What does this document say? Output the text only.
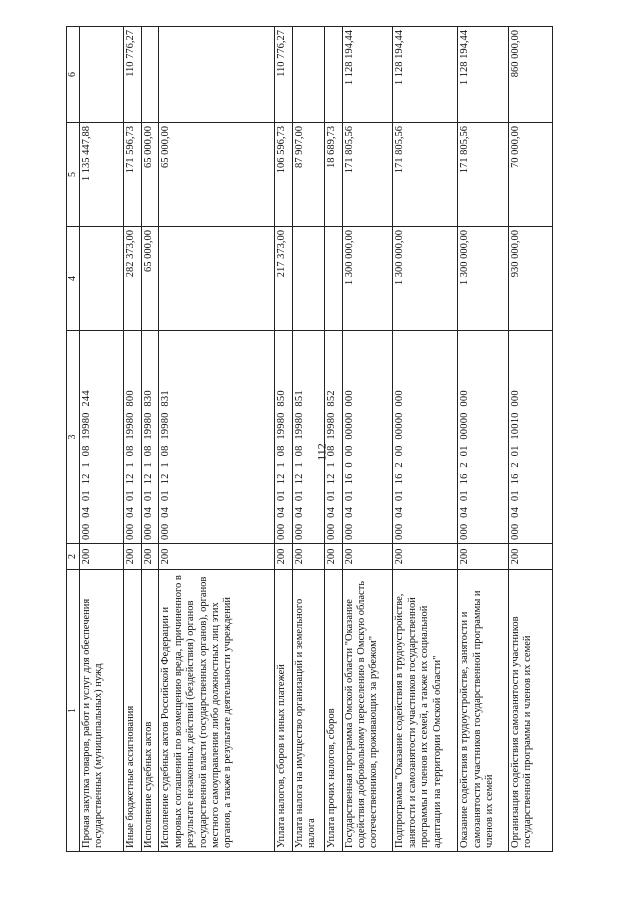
112
1	2	3	4	5	6
Прочая закупка товаров, работ и услуг для обеспечения государственных (муниципальных) нужд	200	000 04 01 12 1 08 19980 244		1 135 447,88	
Иные бюджетные ассигнования	200	000 04 01 12 1 08 19980 800	282 373,00	171 596,73	110 776,27
Исполнение судебных актов	200	000 04 01 12 1 08 19980 830	65 000,00	65 000,00	
Исполнение судебных актов Российской Федерации и мировых соглашений по возмещению вреда, причиненного в результате незаконных действий (бездействия) органов государственной власти (государственных органов), органов местного самоуправления либо должностных лиц этих органов, а также в результате деятельности учреждений	200	000 04 01 12 1 08 19980 831		65 000,00	
Уплата налогов, сборов и иных платежей	200	000 04 01 12 1 08 19980 850	217 373,00	106 596,73	110 776,27
Уплата налога на имущество организаций и земельного налога	200	000 04 01 12 1 08 19980 851		87 907,00	
Уплата прочих налогов, сборов	200	000 04 01 12 1 08 19980 852		18 689,73	
Государственная программа Омской области "Оказание содействия добровольному переселению в Омскую область соотечественников, проживающих за рубежом"	200	000 04 01 16 0 00 00000 000	1 300 000,00	171 805,56	1 128 194,44
Подпрограмма "Оказание содействия в трудоустройстве, занятости и самозанятости участников государственной программы и членов их семей, а также их социальной адаптации на территории Омской области"	200	000 04 01 16 2 00 00000 000	1 300 000,00	171 805,56	1 128 194,44
Оказание содействия в трудоустройстве, занятости и самозанятости участников государственной программы и членов их семей	200	000 04 01 16 2 01 00000 000	1 300 000,00	171 805,56	1 128 194,44
Организация содействия самозанятости участников государственной программы и членов их семей	200	000 04 01 16 2 01 10010 000	930 000,00	70 000,00	860 000,00
